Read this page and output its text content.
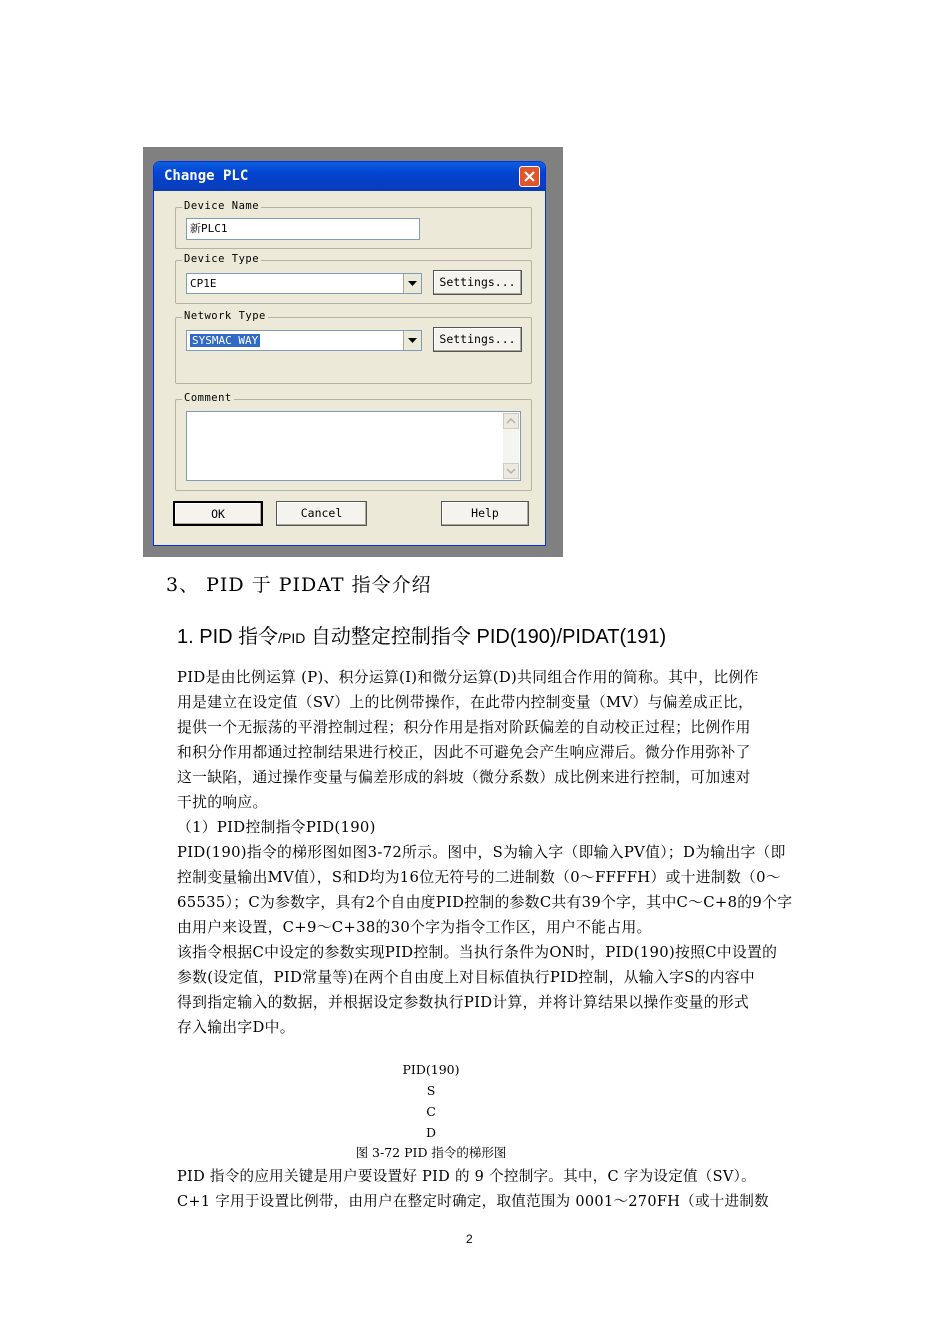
Change PLC
Device Name
新PLC1
Device Type
CP1E	Settings...
Network Type
SYSMAC WAY	Settings...
Comment
OK	Cancel	Help
3、 PID 于 PIDAT 指令介绍
1. PID 指令/PID 自动整定控制指令 PID(190)/PIDAT(191)
PID是由比例运算 (P)、积分运算(I)和微分运算(D)共同组合作用的简称。其中，比例作
用是建立在设定值（SV）上的比例带操作，在此带内控制变量（MV）与偏差成正比，
提供一个无振荡的平滑控制过程；积分作用是指对阶跃偏差的自动校正过程；比例作用
和积分作用都通过控制结果进行校正，因此不可避免会产生响应滞后。微分作用弥补了
这一缺陷，通过操作变量与偏差形成的斜坡（微分系数）成比例来进行控制，可加速对
干扰的响应。
（1）PID控制指令PID(190)
PID(190)指令的梯形图如图3-72所示。图中，S为输入字（即输入PV值）；D为输出字（即
控制变量输出MV值），S和D均为16位无符号的二进制数（0～FFFFH）或十进制数（0～
65535）；C为参数字，具有2个自由度PID控制的参数C共有39个字，其中C～C+8的9个字
由用户来设置，C+9～C+38的30个字为指令工作区，用户不能占用。
该指令根据C中设定的参数实现PID控制。当执行条件为ON时，PID(190)按照C中设置的
参数(设定值，PID常量等)在两个自由度上对目标值执行PID控制，从输入字S的内容中
得到指定输入的数据，并根据设定参数执行PID计算，并将计算结果以操作变量的形式
存入输出字D中。
PID(190)
S
C
D
图 3-72 PID 指令的梯形图
PID 指令的应用关键是用户要设置好 PID 的 9 个控制字。其中，C 字为设定值（SV）。
C+1 字用于设置比例带，由用户在整定时确定，取值范围为 0001～270FH（或十进制数
2
